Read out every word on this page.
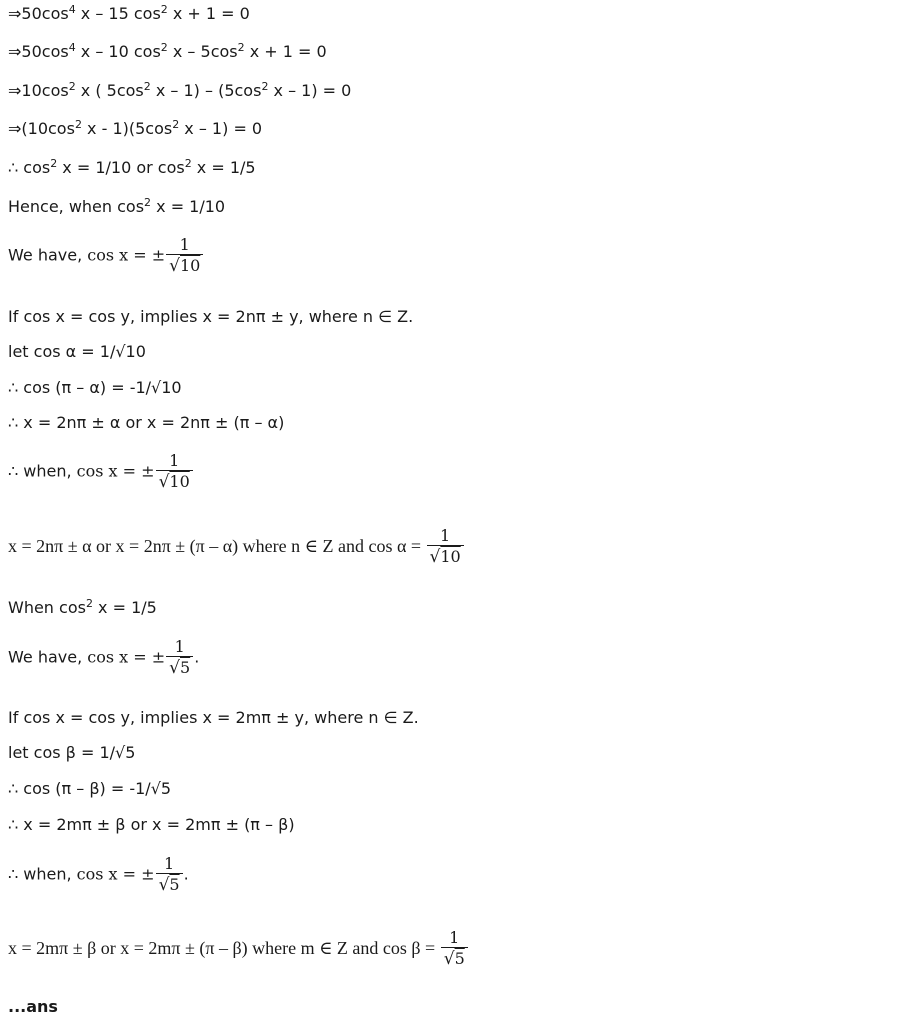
$\Rightarrow 50\cos^4$ x – 15 $\cos^2 x + 1 = 0$
$\Rightarrow 50\cos^4$ x – 10 $\cos^2 x - 5\cos^2$ x + 1 = 0
$\Rightarrow 10\cos^2$ x ( $5\cos^2$ x – $1) - (5\cos^2$ x – 1) = 0
$\Rightarrow(10\cos^2$ x - $1)(5\cos^2$ x – 1) = 0
∴ $\cos^2 x = 1/10$ or $\cos^2 x = 1/5$
Hence, when $\cos^2 x = 1/10$
We have, cos x = ± $\frac{1}{√10}$
If cos x = cos y, implies x = 2nπ ± y, where n ∈ Z.
let cos α = 1/√10
∴ cos (π – α) = -1/√10
∴ x = 2nπ ± α or x = 2nπ ± (π – α)
∴ when, cos x = ± $\frac{1}{√10}$
x = 2nπ ± α or x = 2nπ ± (π – α) where n ∈ Z and $\cos \alpha = \frac{1}{√10}$
When $\cos^2 x = 1/5$
We have, cos x = ± $\frac{1}{√5}$ .
If cos x = cos y, implies x = 2mπ ± y, where n ∈ Z.
let cos β = 1/√5
∴ cos (π – β) = -1/√5
∴ x = 2mπ ± β or x = 2mπ ± (π – β)
∴ when, cos x = ± $\frac{1}{√5}$ .
x = 2mπ ± β or x = 2mπ ± (π – β) where m ∈ Z and $\cos \beta = \frac{1}{√5}$
...ans
